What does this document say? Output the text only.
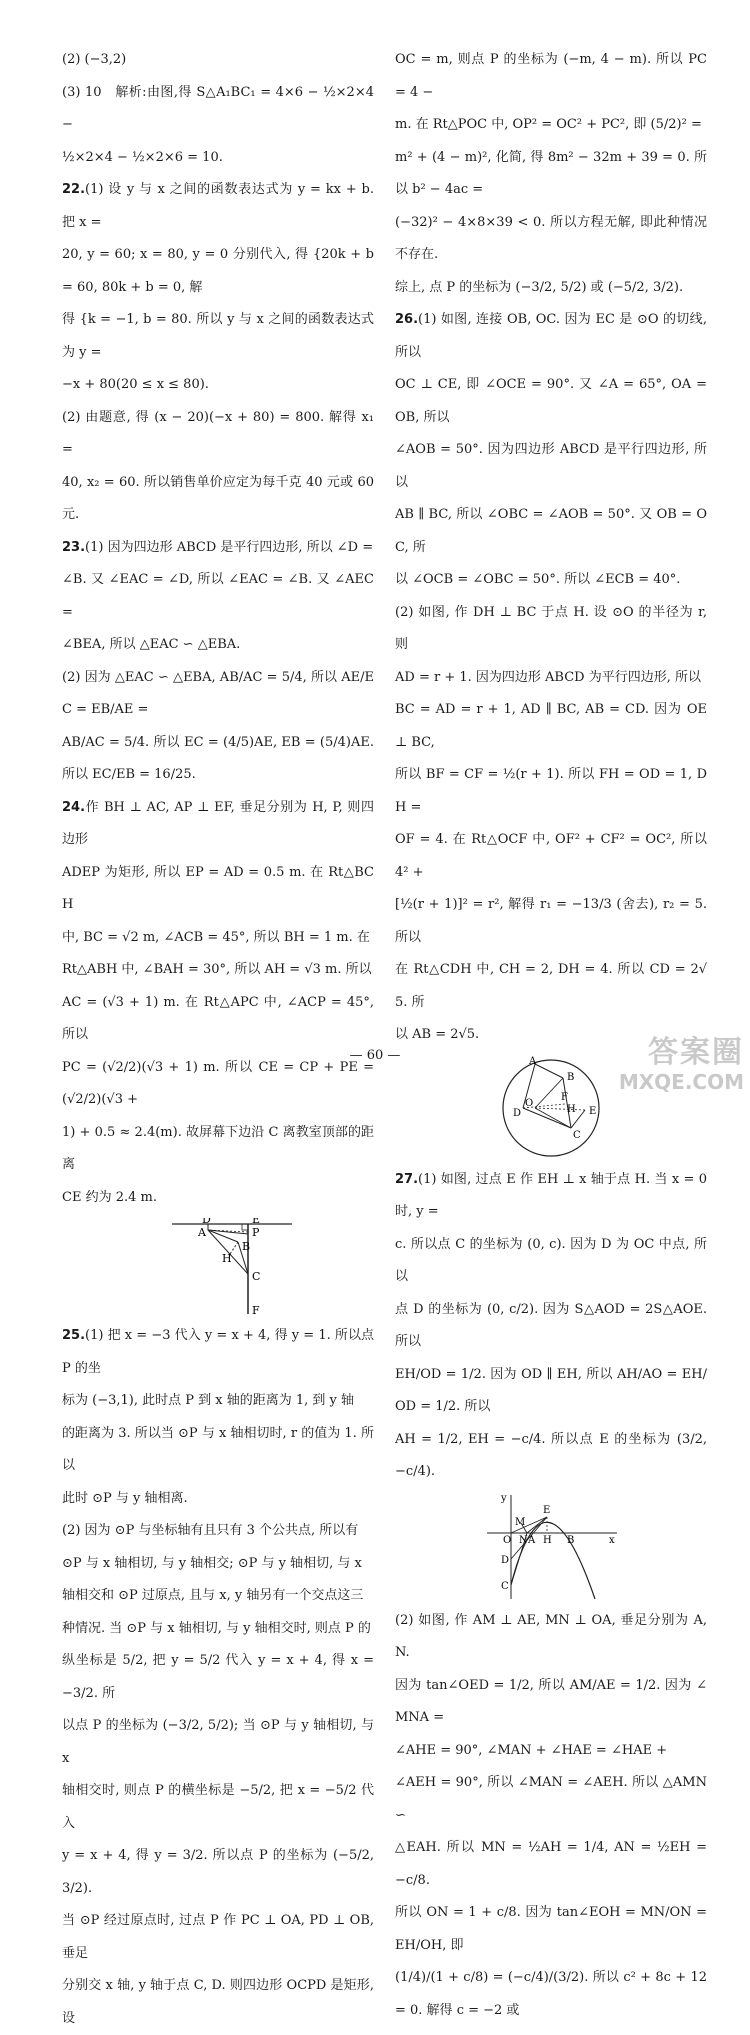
(2) (−3,2)

(3) 10　解析:由图,得 S△A₁BC₁ = 4×6 − ½×2×4 −

½×2×4 − ½×2×6 = 10.

22.(1) 设 y 与 x 之间的函数表达式为 y = kx + b. 把 x =

20, y = 60; x = 80, y = 0 分别代入, 得 {20k + b = 60, 80k + b = 0, 解

得 {k = −1, b = 80. 所以 y 与 x 之间的函数表达式为 y =

−x + 80(20 ≤ x ≤ 80).

(2) 由题意, 得 (x − 20)(−x + 80) = 800. 解得 x₁ =

40, x₂ = 60. 所以销售单价应定为每千克 40 元或 60 元.

23.(1) 因为四边形 ABCD 是平行四边形, 所以 ∠D =

∠B. 又 ∠EAC = ∠D, 所以 ∠EAC = ∠B. 又 ∠AEC =

∠BEA, 所以 △EAC ∽ △EBA.

(2) 因为 △EAC ∽ △EBA, AB/AC = 5/4, 所以 AE/EC = EB/AE =

AB/AC = 5/4. 所以 EC = (4/5)AE, EB = (5/4)AE. 所以 EC/EB = 16/25.

24.作 BH ⊥ AC, AP ⊥ EF, 垂足分别为 H, P, 则四边形

ADEP 为矩形, 所以 EP = AD = 0.5 m. 在 Rt△BCH

中, BC = √2 m, ∠ACB = 45°, 所以 BH = 1 m. 在

Rt△ABH 中, ∠BAH = 30°, 所以 AH = √3 m. 所以

AC = (√3 + 1) m. 在 Rt△APC 中, ∠ACP = 45°, 所以

PC = (√2/2)(√3 + 1) m. 所以 CE = CP + PE = (√2/2)(√3 +

1) + 0.5 ≈ 2.4(m). 故屏幕下边沿 C 离教室顶部的距离

CE 约为 2.4 m.

D	E
A	P
B
H
C
F

25.(1) 把 x = −3 代入 y = x + 4, 得 y = 1. 所以点 P 的坐

标为 (−3,1), 此时点 P 到 x 轴的距离为 1, 到 y 轴

的距离为 3. 所以当 ⊙P 与 x 轴相切时, r 的值为 1. 所以

此时 ⊙P 与 y 轴相离.

(2) 因为 ⊙P 与坐标轴有且只有 3 个公共点, 所以有

⊙P 与 x 轴相切, 与 y 轴相交; ⊙P 与 y 轴相切, 与 x

轴相交和 ⊙P 过原点, 且与 x, y 轴另有一个交点这三

种情况. 当 ⊙P 与 x 轴相切, 与 y 轴相交时, 则点 P 的

纵坐标是 5/2, 把 y = 5/2 代入 y = x + 4, 得 x = −3/2. 所

以点 P 的坐标为 (−3/2, 5/2); 当 ⊙P 与 y 轴相切, 与 x

轴相交时, 则点 P 的横坐标是 −5/2, 把 x = −5/2 代入

y = x + 4, 得 y = 3/2. 所以点 P 的坐标为 (−5/2, 3/2).

当 ⊙P 经过原点时, 过点 P 作 PC ⊥ OA, PD ⊥ OB, 垂足

分别交 x 轴, y 轴于点 C, D. 则四边形 OCPD 是矩形, 设

OC = m, 则点 P 的坐标为 (−m, 4 − m). 所以 PC = 4 −

m. 在 Rt△POC 中, OP² = OC² + PC², 即 (5/2)² =

m² + (4 − m)², 化简, 得 8m² − 32m + 39 = 0. 所以 b² − 4ac =

(−32)² − 4×8×39 < 0. 所以方程无解, 即此种情况不存在.

综上, 点 P 的坐标为 (−3/2, 5/2) 或 (−5/2, 3/2).

26.(1) 如图, 连接 OB, OC. 因为 EC 是 ⊙O 的切线, 所以

OC ⊥ CE, 即 ∠OCE = 90°. 又 ∠A = 65°, OA = OB, 所以

∠AOB = 50°. 因为四边形 ABCD 是平行四边形, 所以

AB ∥ BC, 所以 ∠OBC = ∠AOB = 50°. 又 OB = OC, 所

以 ∠OCB = ∠OBC = 50°. 所以 ∠ECB = 40°.

(2) 如图, 作 DH ⊥ BC 于点 H. 设 ⊙O 的半径为 r, 则

AD = r + 1. 因为四边形 ABCD 为平行四边形, 所以

BC = AD = r + 1, AD ∥ BC, AB = CD. 因为 OE ⊥ BC,

所以 BF = CF = ½(r + 1). 所以 FH = OD = 1, DH =

OF = 4. 在 Rt△OCF 中, OF² + CF² = OC², 所以 4² +

[½(r + 1)]² = r², 解得 r₁ = −13/3 (舍去), r₂ = 5. 所以

在 Rt△CDH 中, CH = 2, DH = 4. 所以 CD = 2√5. 所

以 AB = 2√5.

A
B
O
D
F
H E
C

27.(1) 如图, 过点 E 作 EH ⊥ x 轴于点 H. 当 x = 0 时, y =

c. 所以点 C 的坐标为 (0, c). 因为 D 为 OC 中点, 所以

点 D 的坐标为 (0, c/2). 因为 S△AOD = 2S△AOE. 所以

EH/OD = 1/2. 因为 OD ∥ EH, 所以 AH/AO = EH/OD = 1/2. 所以

AH = 1/2, EH = −c/4. 所以点 E 的坐标为 (3/2, −c/4).

y
M
E
O N A H B	x
D
C

(2) 如图, 作 AM ⊥ AE, MN ⊥ OA, 垂足分别为 A, N.

因为 tan∠OED = 1/2, 所以 AM/AE = 1/2. 因为 ∠MNA =

∠AHE = 90°, ∠MAN + ∠HAE = ∠HAE +

∠AEH = 90°, 所以 ∠MAN = ∠AEH. 所以 △AMN ∽

△EAH. 所以 MN = ½AH = 1/4, AN = ½EH = −c/8.

所以 ON = 1 + c/8. 因为 tan∠EOH = MN/ON = EH/OH, 即

(1/4)/(1 + c/8) = (−c/4)/(3/2). 所以 c² + 8c + 12 = 0. 解得 c = −2 或

— 60 —	答案圈
MXQE.COM
